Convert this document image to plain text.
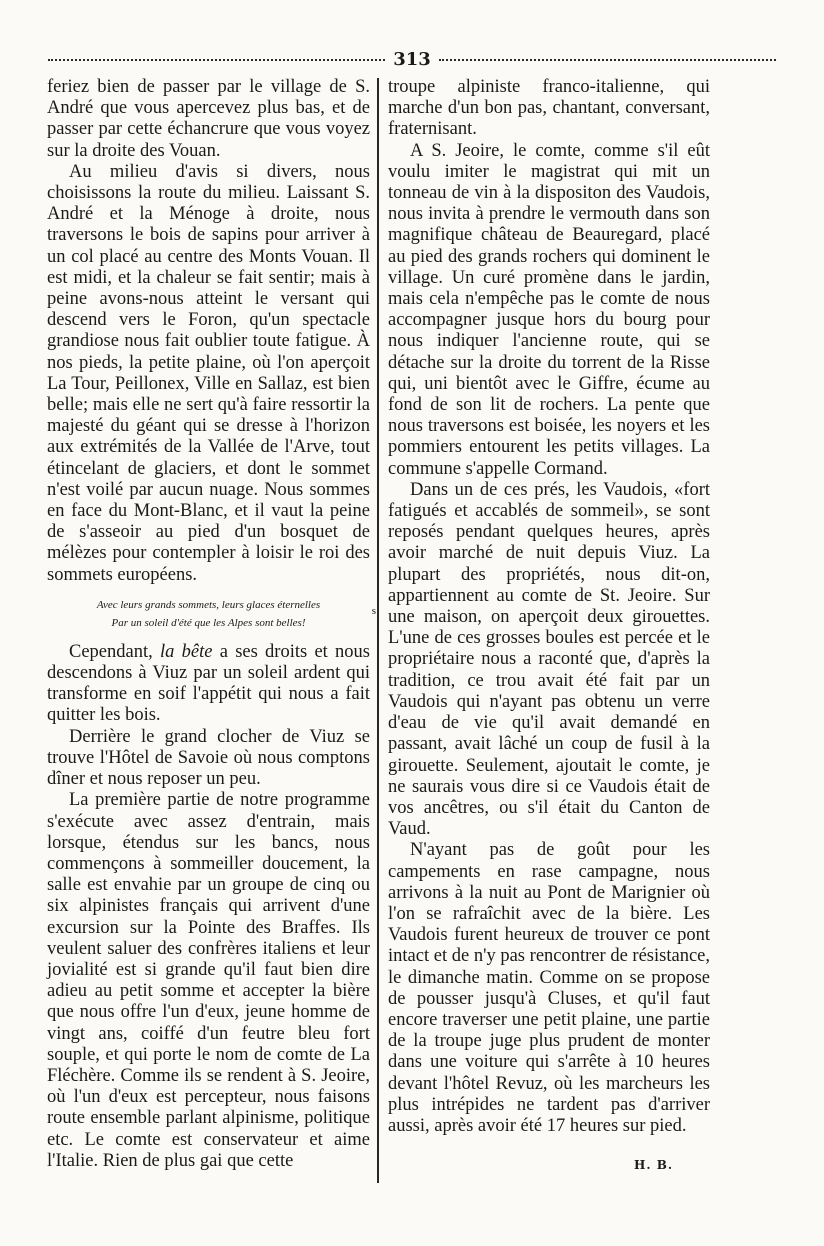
313

feriez bien de passer par le village de S. André que vous apercevez plus bas, et de passer par cette échancrure que vous voyez sur la droite des Vouan.

Au milieu d'avis si divers, nous choisissons la route du milieu. Laissant S. André et la Ménoge à droite, nous traversons le bois de sapins pour arriver à un col placé au centre des Monts Vouan. Il est midi, et la chaleur se fait sentir; mais à peine avons-nous atteint le versant qui descend vers le Foron, qu'un spectacle grandiose nous fait oublier toute fatigue. À nos pieds, la petite plaine, où l'on aperçoit La Tour, Peillonex, Ville en Sallaz, est bien belle; mais elle ne sert qu'à faire ressortir la majesté du géant qui se dresse à l'horizon aux extrémités de la Vallée de l'Arve, tout étincelant de glaciers, et dont le sommet n'est voilé par aucun nuage. Nous sommes en face du Mont-Blanc, et il vaut la peine de s'asseoir au pied d'un bosquet de mélèzes pour contempler à loisir le roi des sommets européens.

Avec leurs grands sommets, leurs glaces éternelles
Par un soleil d'été que les Alpes sont belles!
s

Cependant, la bête a ses droits et nous descendons à Viuz par un soleil ardent qui transforme en soif l'appétit qui nous a fait quitter les bois.

Derrière le grand clocher de Viuz se trouve l'Hôtel de Savoie où nous comptons dîner et nous reposer un peu.

La première partie de notre programme s'exécute avec assez d'entrain, mais lorsque, étendus sur les bancs, nous commençons à sommeiller doucement, la salle est envahie par un groupe de cinq ou six alpinistes français qui arrivent d'une excursion sur la Pointe des Braffes. Ils veulent saluer des confrères italiens et leur jovialité est si grande qu'il faut bien dire adieu au petit somme et accepter la bière que nous offre l'un d'eux, jeune homme de vingt ans, coiffé d'un feutre bleu fort souple, et qui porte le nom de comte de La Fléchère. Comme ils se rendent à S. Jeoire, où l'un d'eux est percepteur, nous faisons route ensemble parlant alpinisme, politique etc. Le comte est conservateur et aime l'Italie. Rien de plus gai que cette

troupe alpiniste franco-italienne, qui marche d'un bon pas, chantant, conversant, fraternisant.

A S. Jeoire, le comte, comme s'il eût voulu imiter le magistrat qui mit un tonneau de vin à la dispositon des Vaudois, nous invita à prendre le vermouth dans son magnifique château de Beauregard, placé au pied des grands rochers qui dominent le village. Un curé promène dans le jardin, mais cela n'empêche pas le comte de nous accompagner jusque hors du bourg pour nous indiquer l'ancienne route, qui se détache sur la droite du torrent de la Risse qui, uni bientôt avec le Giffre, écume au fond de son lit de rochers. La pente que nous traversons est boisée, les noyers et les pommiers entourent les petits villages. La commune s'appelle Cormand.

Dans un de ces prés, les Vaudois, «fort fatigués et accablés de sommeil», se sont reposés pendant quelques heures, après avoir marché de nuit depuis Viuz. La plupart des propriétés, nous dit-on, appartiennent au comte de St. Jeoire. Sur une maison, on aperçoit deux girouettes. L'une de ces grosses boules est percée et le propriétaire nous a raconté que, d'après la tradition, ce trou avait été fait par un Vaudois qui n'ayant pas obtenu un verre d'eau de vie qu'il avait demandé en passant, avait lâché un coup de fusil à la girouette. Seulement, ajoutait le comte, je ne saurais vous dire si ce Vaudois était de vos ancêtres, ou s'il était du Canton de Vaud.

N'ayant pas de goût pour les campements en rase campagne, nous arrivons à la nuit au Pont de Marignier où l'on se rafraîchit avec de la bière. Les Vaudois furent heureux de trouver ce pont intact et de n'y pas rencontrer de résistance, le dimanche matin. Comme on se propose de pousser jusqu'à Cluses, et qu'il faut encore traverser une petit plaine, une partie de la troupe juge plus prudent de monter dans une voiture qui s'arrête à 10 heures devant l'hôtel Revuz, où les marcheurs les plus intrépides ne tardent pas d'arriver aussi, après avoir été 17 heures sur pied.

H. B.
